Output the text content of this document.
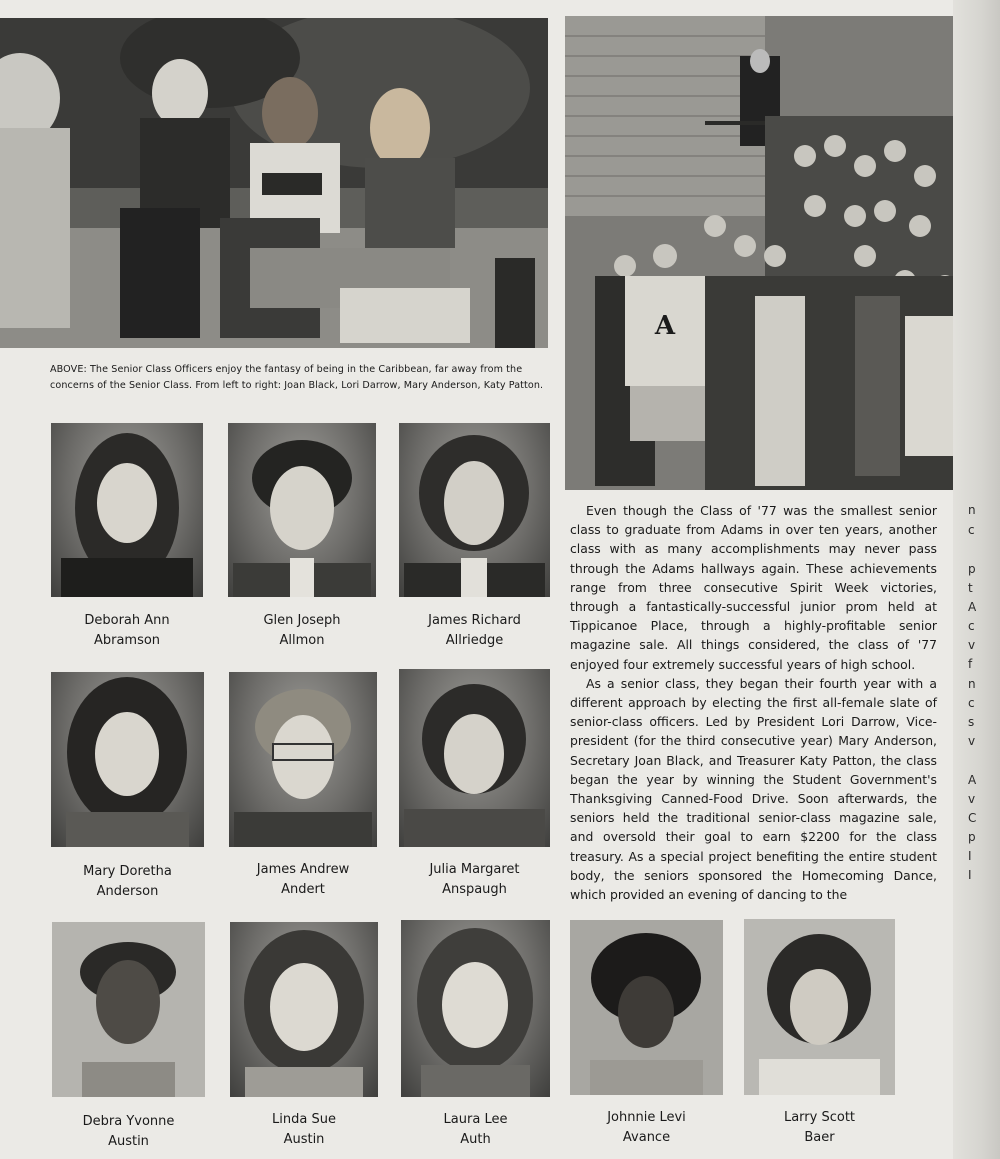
A
ABOVE: The Senior Class Officers enjoy the fantasy of being in the Caribbean, far away from the concerns of the Senior Class. From left to right: Joan Black, Lori Darrow, Mary Anderson, Katy Patton.
Deborah Ann
Abramson
Glen Joseph
Allmon
James Richard
Allriedge
Mary Doretha
Anderson
James Andrew
Andert
Julia Margaret
Anspaugh
Debra Yvonne
Austin
Linda Sue
Austin
Laura Lee
Auth
Johnnie Levi
Avance
Larry Scott
Baer

Even though the Class of '77 was the smallest senior class to graduate from Adams in over ten years, another class with as many accomplishments may never pass through the Adams hallways again. These achievements range from three consecutive Spirit Week victories, through a fantastically-successful junior prom held at Tippicanoe Place, through a highly-profitable senior magazine sale. All things considered, the class of '77 enjoyed four extremely successful years of high school.

As a senior class, they began their fourth year with a different approach by electing the first all-female slate of senior-class officers. Led by President Lori Darrow, Vice-president (for the third consecutive year) Mary Anderson, Secretary Joan Black, and Treasurer Katy Patton, the class began the year by winning the Student Government's Thanksgiving Canned-Food Drive. Soon afterwards, the seniors held the traditional senior-class magazine sale, and oversold their goal to earn $2200 for the class treasury. As a special project benefiting the entire student body, the seniors sponsored the Homecoming Dance, which provided an evening of dancing to the

n
c
p
t
A
c
v
f
n
c
s
v
A
v
C
p
I
I
